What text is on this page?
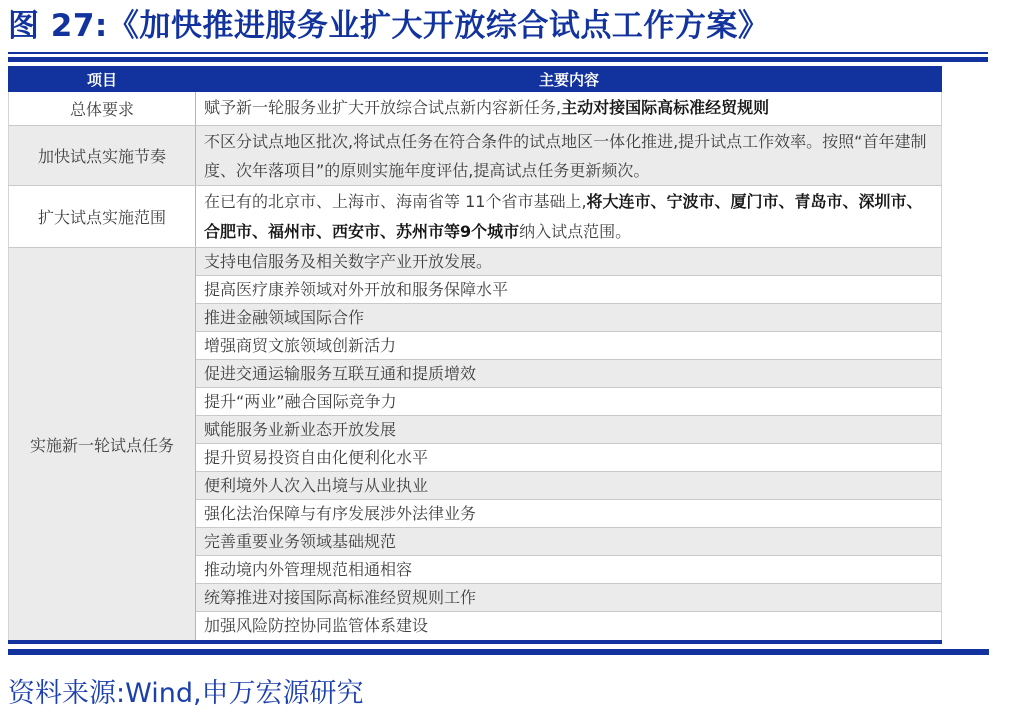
图 27:《加快推进服务业扩大开放综合试点工作方案》
项目	主要内容
总体要求	赋予新一轮服务业扩大开放综合试点新内容新任务,主动对接国际高标准经贸规则
加快试点实施节奏
不区分试点地区批次,将试点任务在符合条件的试点地区一体化推进,提升试点工作效率。按照“首年建制度、次年落项目”的原则实施年度评估,提高试点任务更新频次。
扩大试点实施范围
在已有的北京市、上海市、海南省等 11个省市基础上,将大连市、宁波市、厦门市、青岛市、深圳市、合肥市、福州市、西安市、苏州市等9个城市纳入试点范围。
实施新一轮试点任务
支持电信服务及相关数字产业开放发展。
提高医疗康养领域对外开放和服务保障水平
推进金融领域国际合作
增强商贸文旅领域创新活力
促进交通运输服务互联互通和提质增效
提升“两业”融合国际竞争力
赋能服务业新业态开放发展
提升贸易投资自由化便利化水平
便利境外人次入出境与从业执业
强化法治保障与有序发展涉外法律业务
完善重要业务领域基础规范
推动境内外管理规范相通相容
统筹推进对接国际高标准经贸规则工作
加强风险防控协同监管体系建设
资料来源:Wind,申万宏源研究
